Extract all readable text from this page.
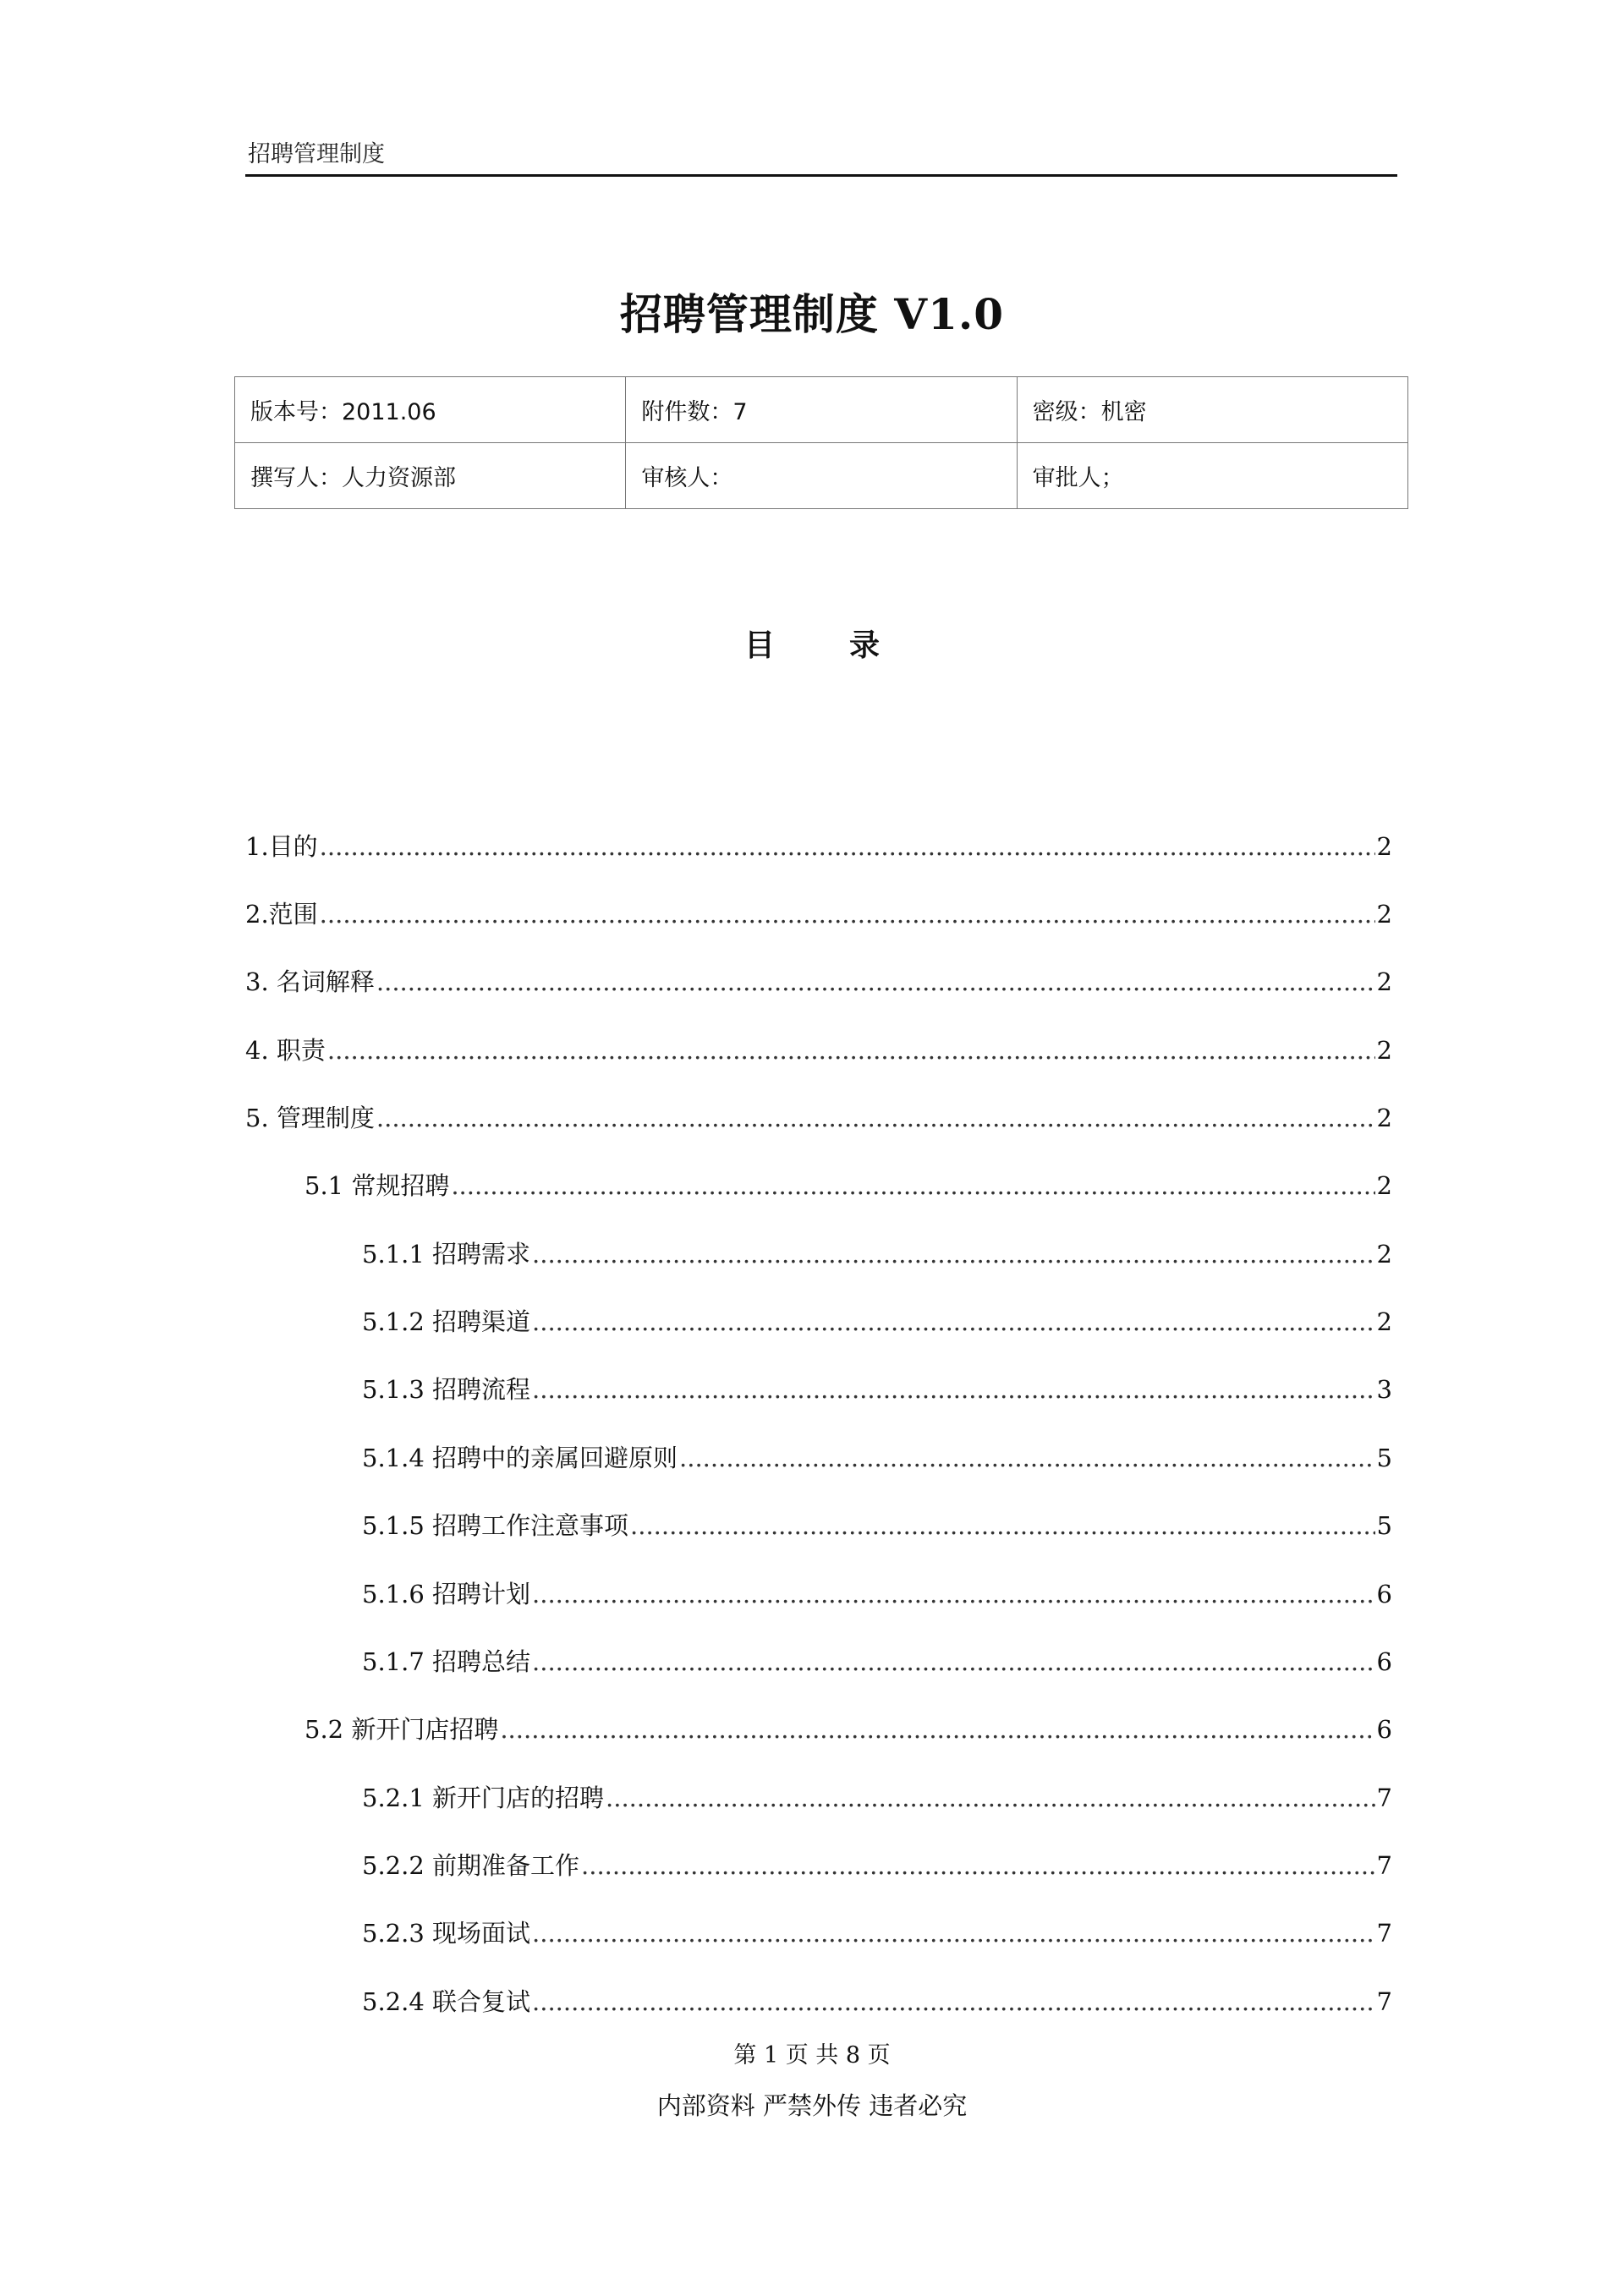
招聘管理制度
招聘管理制度 V1.0
版本号：2011.06	附件数：7	密级：机密
撰写人：人力资源部	审核人：	审批人；
目 录
1.目的 .....	2
2.范围 .....	2
3. 名词解释 .....	2
4. 职责 .....	2
5. 管理制度 .....	2
5.1 常规招聘 .....	2
5.1.1 招聘需求 .....	2
5.1.2 招聘渠道 .....	2
5.1.3 招聘流程 .....	3
5.1.4 招聘中的亲属回避原则 .....	5
5.1.5 招聘工作注意事项 .....	5
5.1.6 招聘计划 .....	6
5.1.7 招聘总结 .....	6
5.2 新开门店招聘 .....	6
5.2.1 新开门店的招聘 .....	7
5.2.2 前期准备工作 .....	7
5.2.3 现场面试 .....	7
5.2.4 联合复试 .....	7
第 1 页 共 8 页
内部资料 严禁外传 违者必究
